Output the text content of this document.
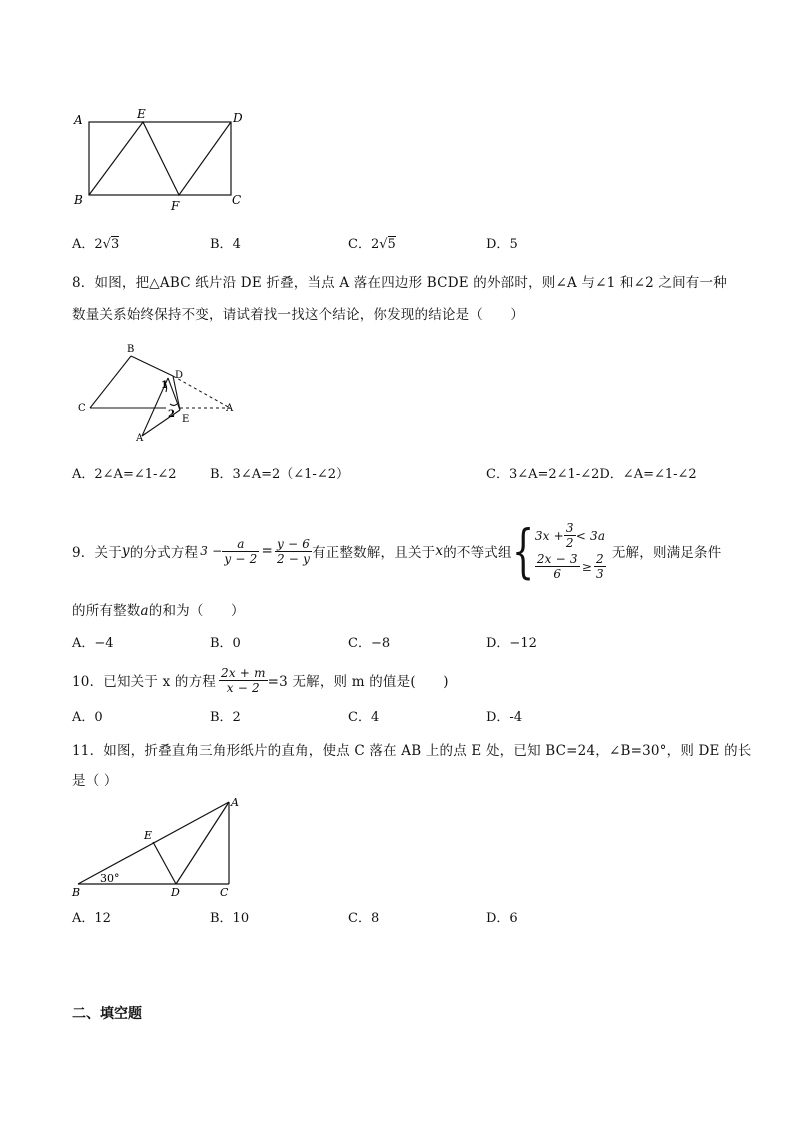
A	E	D
B	F	C
A．2√3	B．4	C．2√5	D．5
8．如图，把△ABC 纸片沿 DE 折叠，当点 A 落在四边形 BCDE 的外部时，则∠A 与∠1 和∠2 之间有一种
数量关系始终保持不变，请试着找一找这个结论，你发现的结论是（　　）
B
D
1
C
2
A
E
A′
A．2∠A=∠1-∠2	B．3∠A=2（∠1-∠2）	C．3∠A=2∠1-∠2D．∠A=∠1-∠2
9．关于 y 的分式方程 $3 - \frac{a}{y - 2} = \frac{y - 6}{2 - y}$ 有正整数解，且关于 x 的不等式组 { $3x + \frac{3}{2} < 3a$
$\frac{2x - 3}{6} \ge \frac{2}{3}$ 无解，则满足条件
的所有整数a的和为（　　）
A．−4	B．0	C．−8	D．−12
10．已知关于 x 的方程 $\frac{2x + m}{x - 2} =3$ 无解，则 m 的值是(　　)
A．0	B．2	C．4	D．-4
11．如图，折叠直角三角形纸片的直角，使点 C 落在 AB 上的点 E 处，已知 BC=24，∠B=30°，则 DE 的长
是（ ）
A
E
B
30°
D	C
A．12	B．10	C．8	D．6
二、填空题
